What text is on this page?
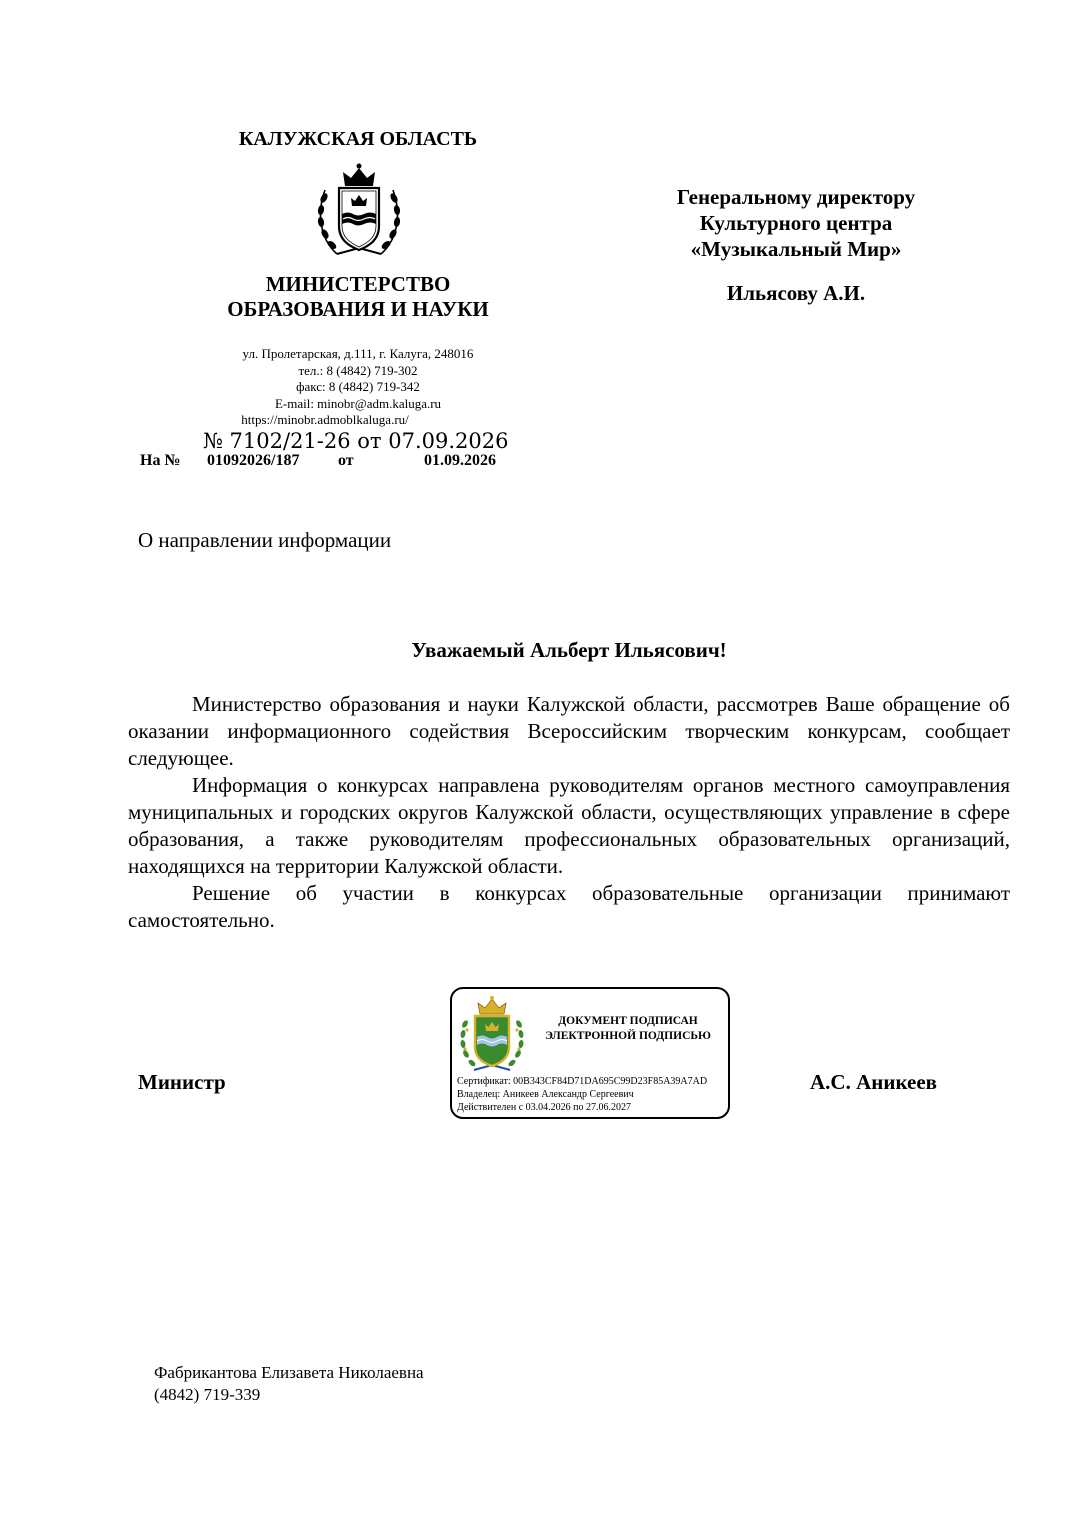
КАЛУЖСКАЯ ОБЛАСТЬ
МИНИСТЕРСТВО
ОБРАЗОВАНИЯ И НАУКИ
ул. Пролетарская, д.111, г. Калуга, 248016
тел.: 8 (4842) 719-302
факс: 8 (4842) 719-342
E-mail: minobr@adm.kaluga.ru
https://minobr.admoblkaluga.ru/
№ 7102/21-26 от 07.09.2026
На № 01092026/187 от	01.09.2026
Генеральному директору
Культурного центра
«Музыкальный Мир»
Ильясову А.И.
О направлении информации
Уважаемый Альберт Ильясович!

Министерство образования и науки Калужской области, рассмотрев Ваше обращение об оказании информационного содействия Всероссийским творческим конкурсам, сообщает следующее.

Информация о конкурсах направлена руководителям органов местного самоуправления муниципальных и городских округов Калужской области, осуществляющих управление в сфере образования, а также руководителям профессиональных образовательных организаций, находящихся на территории Калужской области.

Решение об участии в конкурсах образовательные организации принимают самостоятельно.

Министр
ДОКУМЕНТ ПОДПИСАН
ЭЛЕКТРОННОЙ ПОДПИСЬЮ
Сертификат: 00B343CF84D71DA695C99D23F85A39A7AD
Владелец: Аникеев Александр Сергеевич
Действителен с 03.04.2026 по 27.06.2027
А.С. Аникеев
Фабрикантова Елизавета Николаевна
(4842) 719-339
